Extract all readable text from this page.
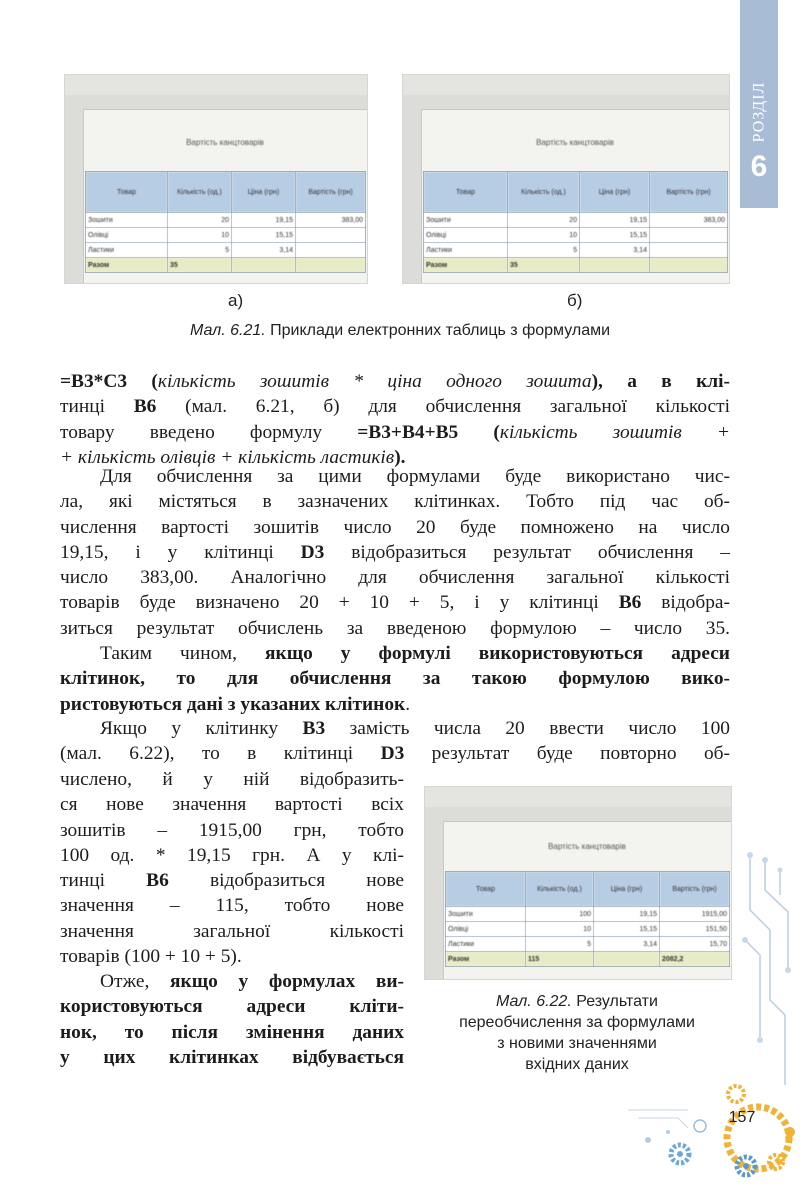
РОЗДІЛ
6
Вартість канцтоварів
Товар	Кількість (од.)	Ціна (грн)	Вартість (грн)
Зошити	20	19,15	383,00
Олівці	10	15,15	
Ластики	5	3,14	
Разом	35		
Вартість канцтоварів
Товар	Кількість (од.)	Ціна (грн)	Вартість (грн)
Зошити	20	19,15	383,00
Олівці	10	15,15	
Ластики	5	3,14	
Разом	35		
а)	б)
Мал. 6.21. Приклади електронних таблиць з формулами
=B3*C3 (кількість зошитів * ціна одного зошита), а в клі-
тинці B6 (мал. 6.21, б) для обчислення загальної кількості
товару введено формулу =B3+B4+B5 (кількість зошитів +
+ кількість олівців + кількість ластиків).
Для обчислення за цими формулами буде використано чис-
ла, які містяться в зазначених клітинках. Тобто під час об-
числення вартості зошитів число 20 буде помножено на число
19,15, і у клітинці D3 відобразиться результат обчислення –
число 383,00. Аналогічно для обчислення загальної кількості
товарів буде визначено 20 + 10 + 5, і у клітинці B6 відобра-
зиться результат обчислень за введеною формулою – число 35.
Таким чином, якщо у формулі використовуються адреси
клітинок, то для обчислення за такою формулою вико-
ристовуються дані з указаних клітинок.
Якщо у клітинку B3 замість числа 20 ввести число 100
(мал. 6.22), то в клітинці D3 результат буде повторно об-
числено, й у ній відобразить-
ся нове значення вартості всіх
зошитів – 1915,00 грн, тобто
100 од. * 19,15 грн. А у клі-
тинці B6 відобразиться нове
значення – 115, тобто нове
значення загальної кількості
товарів (100 + 10 + 5).
Отже, якщо у формулах ви-
користовуються адреси кліти-
нок, то після змінення даних
у цих клітинках відбувається
Вартість канцтоварів
Товар	Кількість (од.)	Ціна (грн)	Вартість (грн)
Зошити	100	19,15	1915,00
Олівці	10	15,15	151,50
Ластики	5	3,14	15,70
Разом	115		2082,2
Мал. 6.22. Результати
переобчислення за формулами
з новими значеннями
вхідних даних
157
